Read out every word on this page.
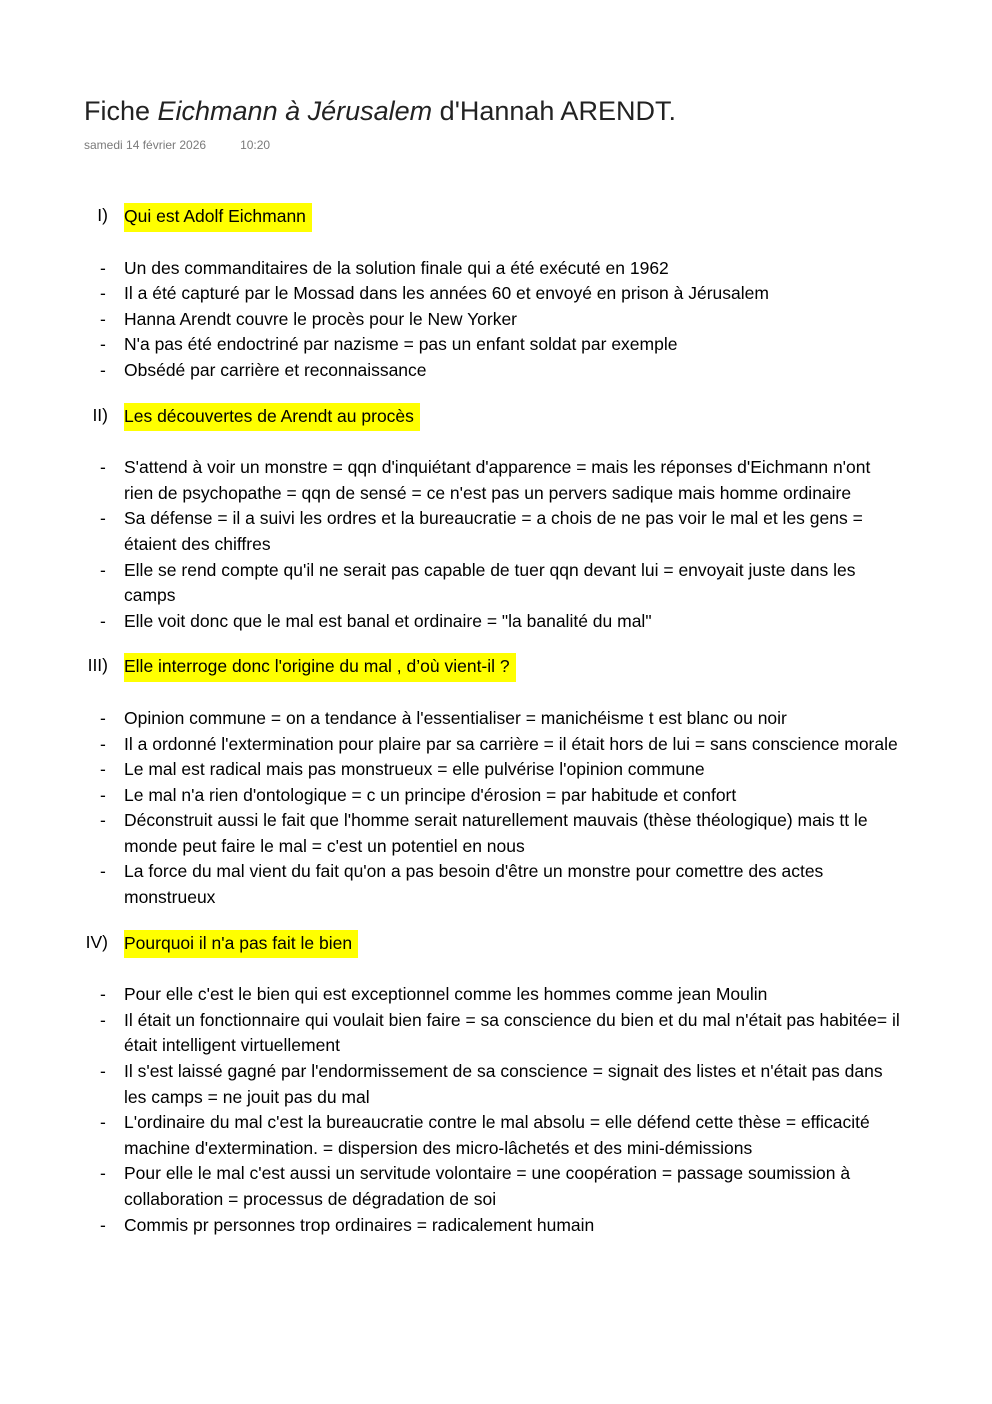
Fiche Eichmann à Jérusalem d'Hannah ARENDT.
samedi 14 février 2026	10:20
I) Qui est Adolf Eichmann
-	Un des commanditaires de la solution finale qui a été exécuté en 1962
-	Il a été capturé par le Mossad dans les années 60 et envoyé en prison à Jérusalem
-	Hanna Arendt couvre le procès pour le New Yorker
-	N'a pas été endoctriné par nazisme = pas un enfant soldat par exemple
-	Obsédé par carrière et reconnaissance
II) Les découvertes de Arendt au procès
-	S'attend à voir un monstre = qqn d'inquiétant d'apparence = mais les réponses d'Eichmann n'ont rien de psychopathe = qqn de sensé = ce n'est pas un pervers sadique mais homme ordinaire
-	Sa défense = il a suivi les ordres et la bureaucratie = a chois de ne pas voir le mal et les gens = étaient des chiffres
-	Elle se rend compte qu'il ne serait pas capable de tuer qqn devant lui = envoyait juste dans les camps
-	Elle voit donc que le mal est banal et ordinaire = "la banalité du mal"
III) Elle interroge donc l'origine du mal , d’où vient-il ?
-	Opinion commune = on a tendance à l'essentialiser = manichéisme t est blanc ou noir
-	Il a ordonné l'extermination pour plaire par sa carrière = il était hors de lui = sans conscience morale
-	Le mal est radical mais pas monstrueux = elle pulvérise l'opinion commune
-	Le mal n'a rien d'ontologique = c un principe d'érosion = par habitude et confort
-	Déconstruit aussi le fait que l'homme serait naturellement mauvais (thèse théologique) mais tt le monde peut faire le mal = c'est un potentiel en nous
-	La force du mal vient du fait qu'on a pas besoin d'être un monstre pour comettre des actes monstrueux
IV) Pourquoi il n'a pas fait le bien
-	Pour elle c'est le bien qui est exceptionnel comme les hommes comme jean Moulin
-	Il était un fonctionnaire qui voulait bien faire = sa conscience du bien et du mal n'était pas habitée= il était intelligent virtuellement
-	Il s'est laissé gagné par l'endormissement de sa conscience = signait des listes et n'était pas dans les camps = ne jouit pas du mal
-	L'ordinaire du mal c'est la bureaucratie contre le mal absolu = elle défend cette thèse = efficacité machine d'extermination. = dispersion des micro-lâchetés et des mini-démissions
-	Pour elle le mal c'est aussi un servitude volontaire = une coopération = passage soumission à collaboration = processus de dégradation de soi
-	Commis pr personnes trop ordinaires = radicalement humain
